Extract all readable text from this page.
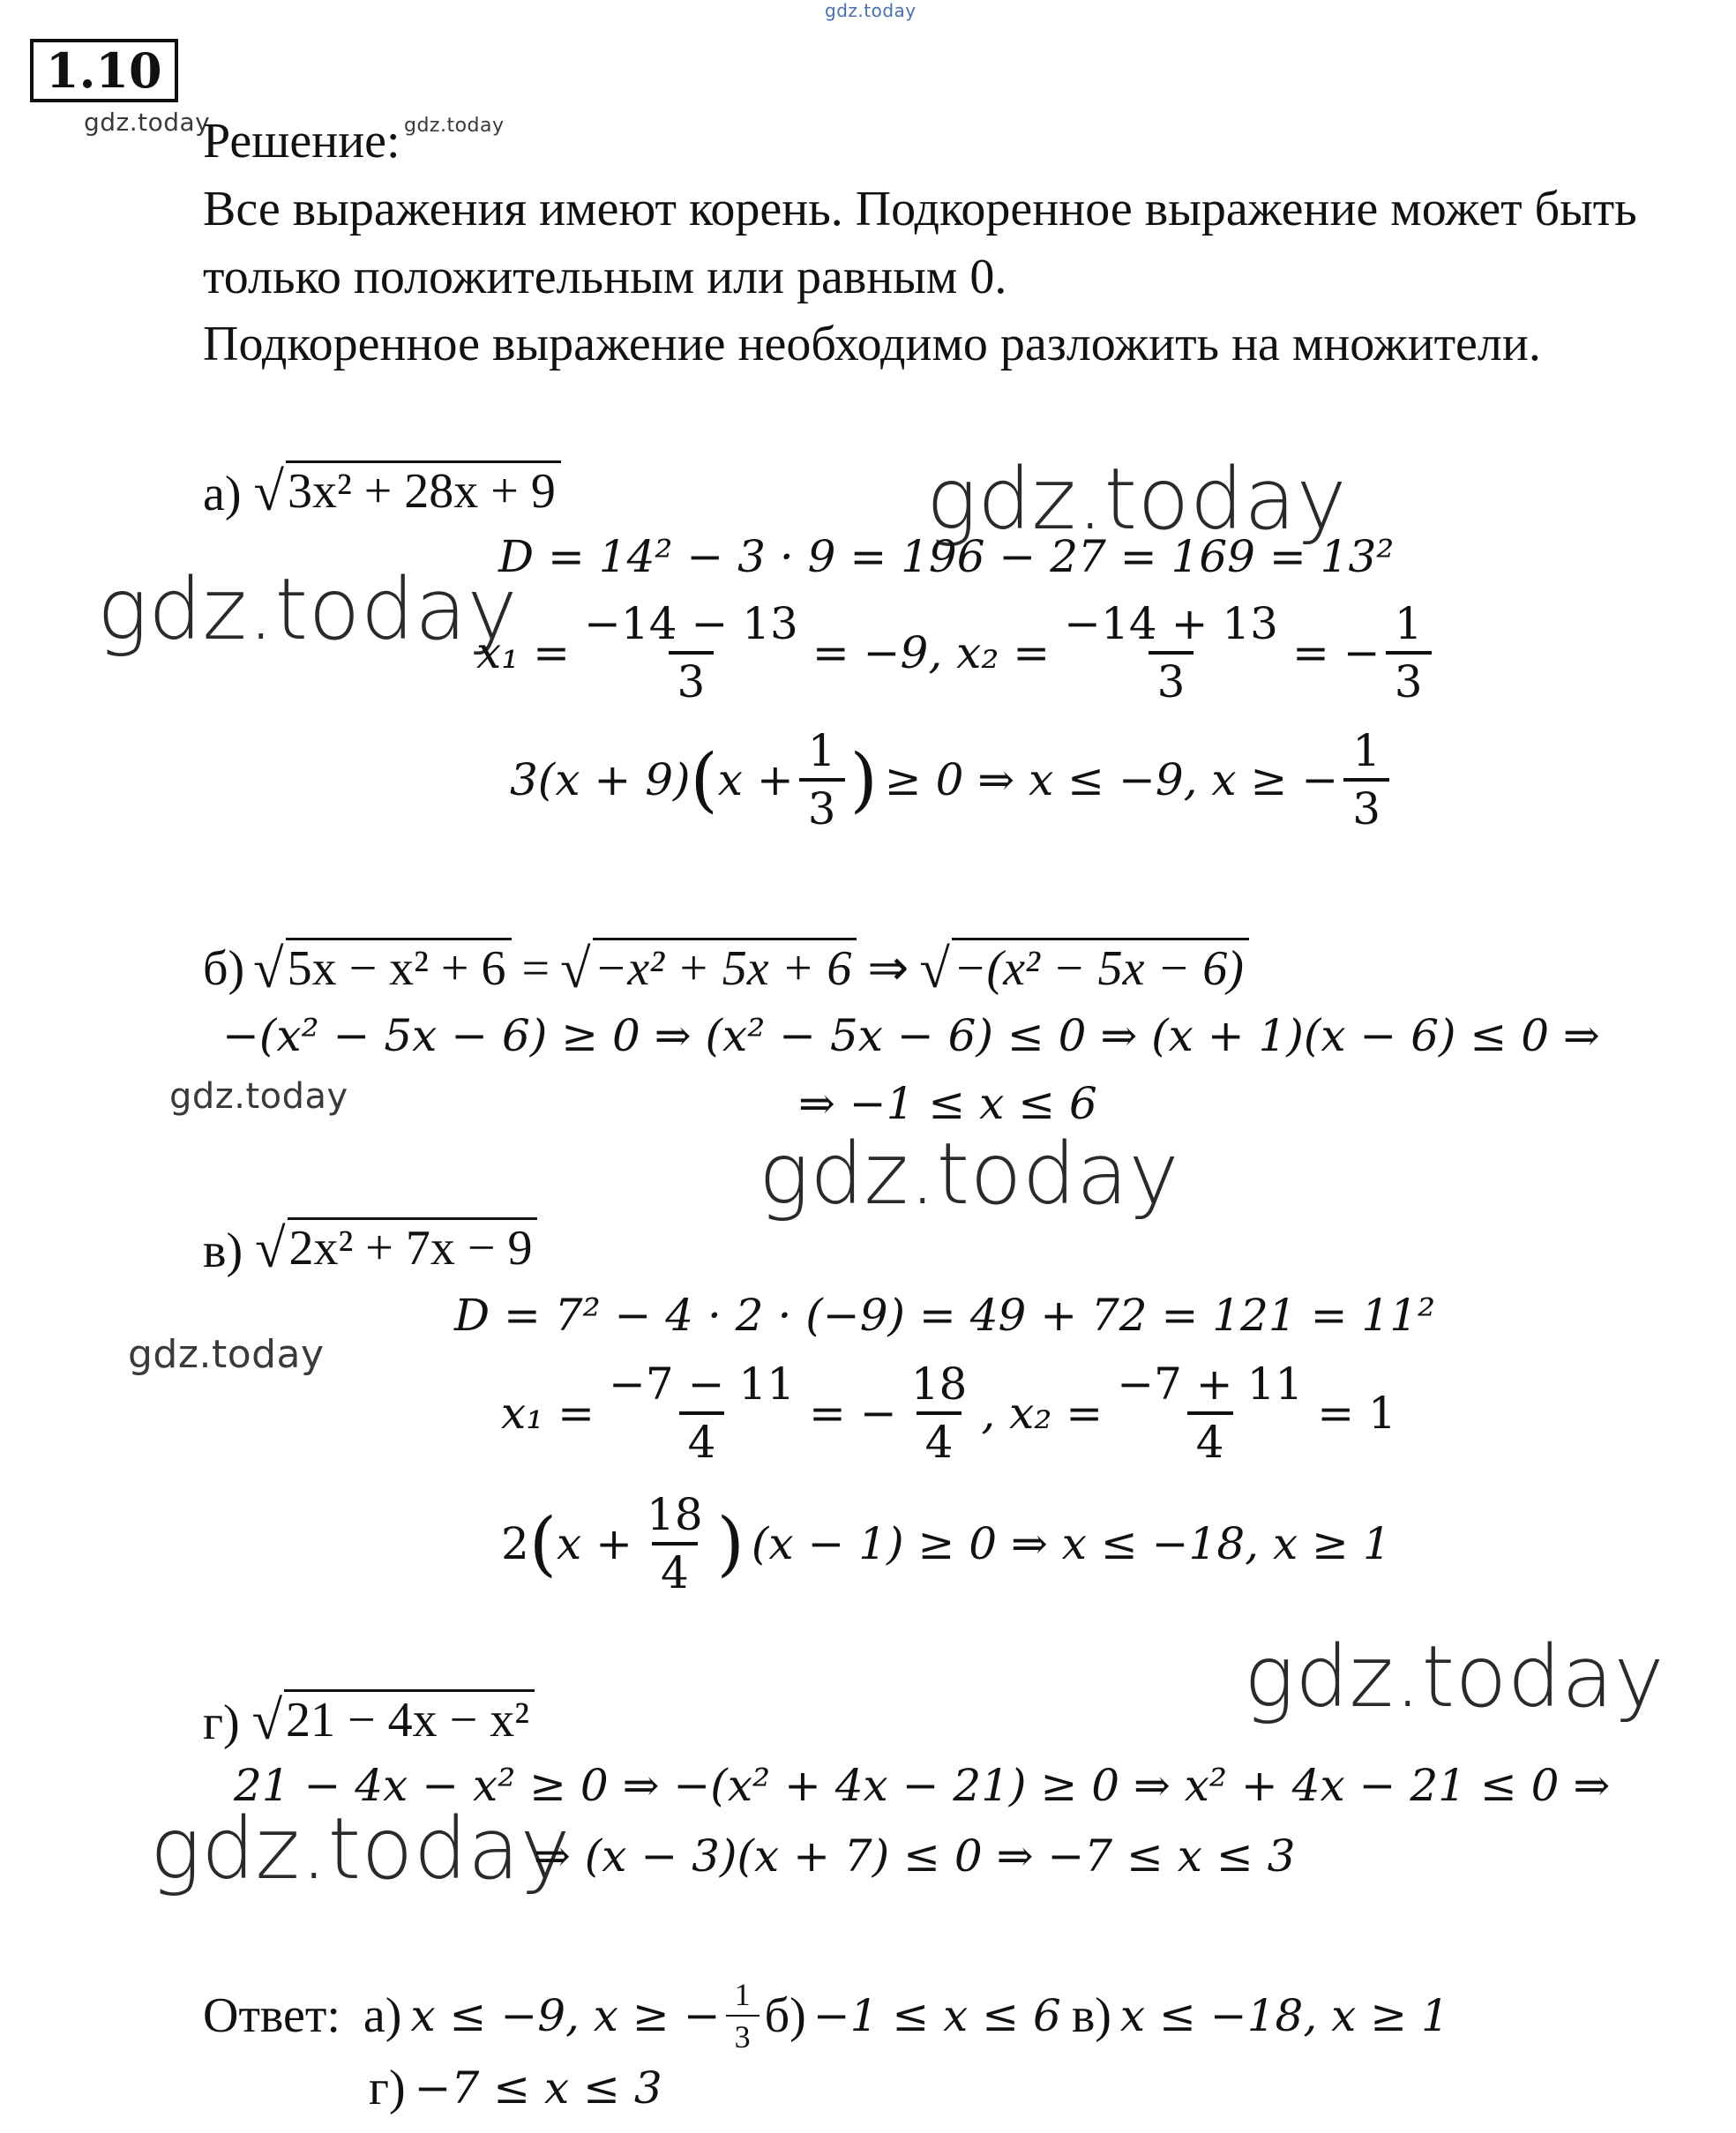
gdz.today
1.10
gdz.today	gdz.today
Решение:
Все выражения имеют корень. Подкоренное выражение может быть
только положительным или равным 0.
Подкоренное выражение необходимо разложить на множители.
а) √ 3x² + 28x + 9	gdz.today
gdz.today
D = 14² − 3 · 9 = 196 − 27 = 169 = 13²
$x_1 = \frac{-14 - 13}{3} = -9$, $x_2 = \frac{-14 + 13}{3}$ = − $\frac{1}{3}$
3(x + 9) ( $x + \frac{1}{3}$ ) ≥ 0 ⇒ x ≤ −9, x ≥ − $\frac{1}{3}$
б) √ 5x − x² + 6 = √ −x² + 5x + 6 ⇒ √ −(x² − 5x − 6)
−(x² − 5x − 6) ≥ 0 ⇒ (x² − 5x − 6) ≤ 0 ⇒ (x + 1)(x − 6) ≤ 0 ⇒
gdz.today	⇒ −1 ≤ x ≤ 6
gdz.today
в) √ 2x² + 7x − 9
gdz.today
D = 7² − 4 · 2 · (−9) = 49 + 72 = 121 = 11²
$x_1 = \frac{-7 - 11}{4}$ = − $\frac{18}{4}$ , $x_2 = \frac{-7 + 11}{4} = 1$
2 ( $x + \frac{18}{4}$ ) (x − 1) ≥ 0 ⇒ x ≤ −18, x ≥ 1
gdz.today
г) √ 21 − 4x − x²
21 − 4x − x² ≥ 0 ⇒ −(x² + 4x − 21) ≥ 0 ⇒ x² + 4x − 21 ≤ 0 ⇒
gdz.today
⇒ (x − 3)(x + 7) ≤ 0 ⇒ −7 ≤ x ≤ 3
Ответ: а) x ≤ −9, x ≥ − $\frac{1}{3} б) -1 \le x \le 6$ в) x ≤ −18, x ≥ 1
г) −7 ≤ x ≤ 3
